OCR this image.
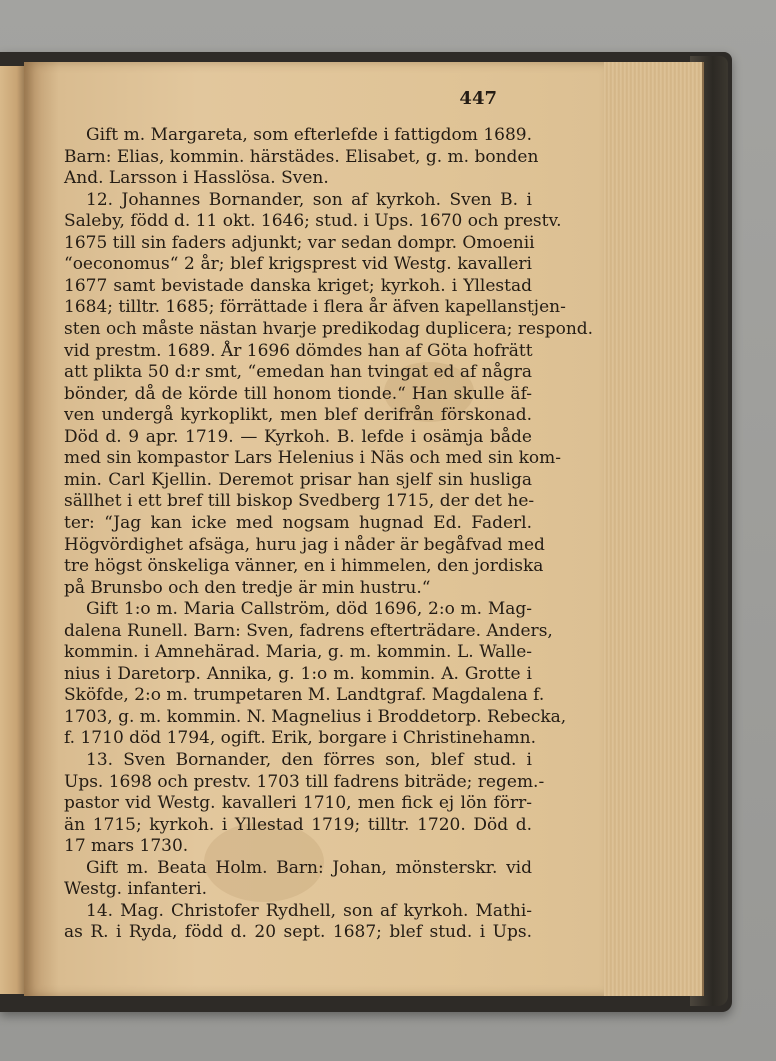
447
Gift m. Margareta, som efterlefde i fattigdom 1689.
Barn: Elias, kommin. härstädes. Elisabet, g. m. bonden
And. Larsson i Hasslösa. Sven.
12. Johannes Bornander, son af kyrkoh. Sven B. i
Saleby, född d. 11 okt. 1646; stud. i Ups. 1670 och prestv.
1675 till sin faders adjunkt; var sedan dompr. Omoenii
“oeconomus“ 2 år; blef krigsprest vid Westg. kavalleri
1677 samt bevistade danska kriget; kyrkoh. i Yllestad
1684; tilltr. 1685; förrättade i flera år äfven kapellanstjen-
sten och måste nästan hvarje predikodag duplicera; respond.
vid prestm. 1689. År 1696 dömdes han af Göta hofrätt
att plikta 50 d:r smt, “emedan han tvingat ed af några
bönder, då de körde till honom tionde.“ Han skulle äf-
ven undergå kyrkoplikt, men blef derifrån förskonad.
Död d. 9 apr. 1719. — Kyrkoh. B. lefde i osämja både
med sin kompastor Lars Helenius i Näs och med sin kom-
min. Carl Kjellin. Deremot prisar han sjelf sin husliga
sällhet i ett bref till biskop Svedberg 1715, der det he-
ter: “Jag kan icke med nogsam hugnad Ed. Faderl.
Högvördighet afsäga, huru jag i nåder är begåfvad med
tre högst önskeliga vänner, en i himmelen, den jordiska
på Brunsbo och den tredje är min hustru.“
Gift 1:o m. Maria Callström, död 1696, 2:o m. Mag-
dalena Runell. Barn: Sven, fadrens efterträdare. Anders,
kommin. i Amnehärad. Maria, g. m. kommin. L. Walle-
nius i Daretorp. Annika, g. 1:o m. kommin. A. Grotte i
Sköfde, 2:o m. trumpetaren M. Landtgraf. Magdalena f.
1703, g. m. kommin. N. Magnelius i Broddetorp. Rebecka,
f. 1710 död 1794, ogift. Erik, borgare i Christinehamn.
13. Sven Bornander, den förres son, blef stud. i
Ups. 1698 och prestv. 1703 till fadrens biträde; regem.-
pastor vid Westg. kavalleri 1710, men fick ej lön förr-
än 1715; kyrkoh. i Yllestad 1719; tilltr. 1720. Död d.
17 mars 1730.
Gift m. Beata Holm. Barn: Johan, mönsterskr. vid
Westg. infanteri.
14. Mag. Christofer Rydhell, son af kyrkoh. Mathi-
as R. i Ryda, född d. 20 sept. 1687; blef stud. i Ups.
